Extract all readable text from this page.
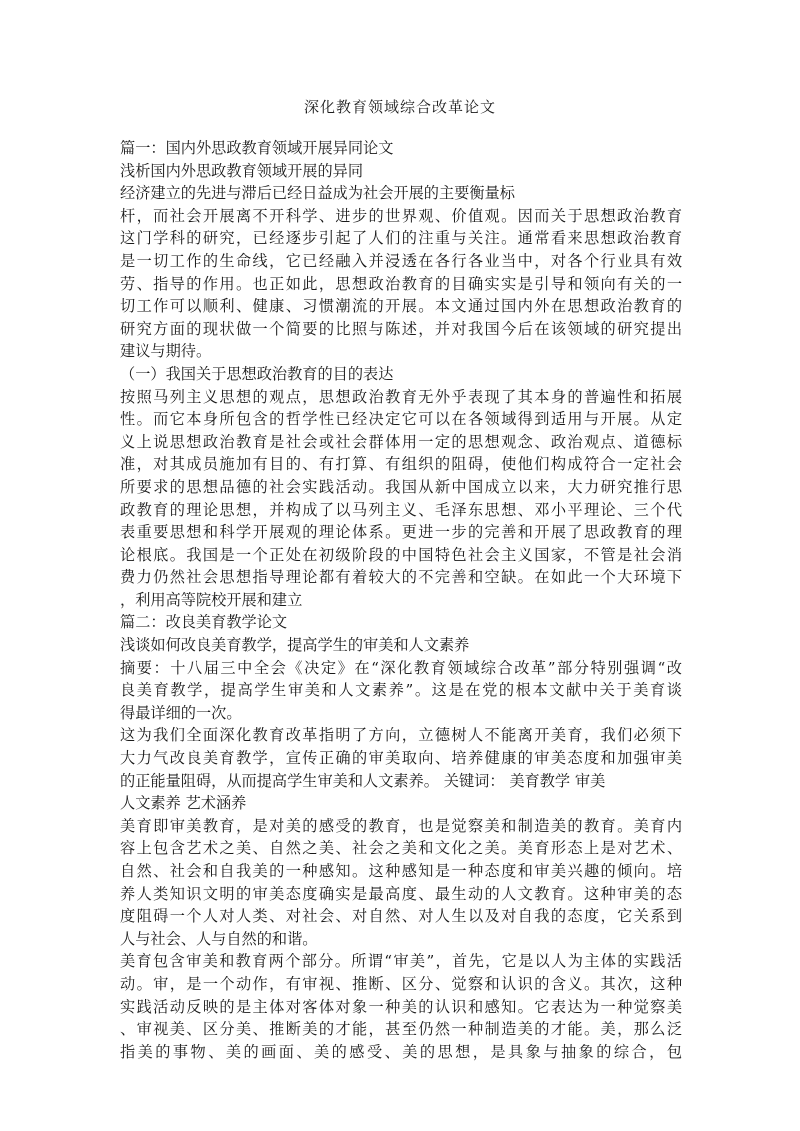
深化教育领域综合改革论文
篇一：国内外思政教育领域开展异同论文
浅析国内外思政教育领域开展的异同
经济建立的先进与滞后已经日益成为社会开展的主要衡量标
杆，而社会开展离不开科学、进步的世界观、价值观。因而关于思想政治教育
这门学科的研究，已经逐步引起了人们的注重与关注。通常看来思想政治教育
是一切工作的生命线，它已经融入并浸透在各行各业当中，对各个行业具有效
劳、指导的作用。也正如此，思想政治教育的目确实实是引导和领向有关的一
切工作可以顺利、健康、习惯潮流的开展。本文通过国内外在思想政治教育的
研究方面的现状做一个简要的比照与陈述，并对我国今后在该领域的研究提出
建议与期待。
（一）我国关于思想政治教育的目的表达
按照马列主义思想的观点，思想政治教育无外乎表现了其本身的普遍性和拓展
性。而它本身所包含的哲学性已经决定它可以在各领域得到适用与开展。从定
义上说思想政治教育是社会或社会群体用一定的思想观念、政治观点、道德标
准，对其成员施加有目的、有打算、有组织的阻碍，使他们构成符合一定社会
所要求的思想品德的社会实践活动。我国从新中国成立以来，大力研究推行思
政教育的理论思想，并构成了以马列主义、毛泽东思想、邓小平理论、三个代
表重要思想和科学开展观的理论体系。更进一步的完善和开展了思政教育的理
论根底。我国是一个正处在初级阶段的中国特色社会主义国家，不管是社会消
费力仍然社会思想指导理论都有着较大的不完善和空缺。在如此一个大环境下
，利用高等院校开展和建立
篇二：改良美育教学论文
浅谈如何改良美育教学，提高学生的审美和人文素养
摘要：十八届三中全会《决定》在“深化教育领域综合改革”部分特别强调“改
良美育教学，提高学生审美和人文素养”。这是在党的根本文献中关于美育谈
得最详细的一次。
这为我们全面深化教育改革指明了方向，立德树人不能离开美育，我们必须下
大力气改良美育教学，宣传正确的审美取向、培养健康的审美态度和加强审美
的正能量阻碍，从而提高学生审美和人文素养。 关键词： 美育教学 审美
人文素养 艺术涵养
美育即审美教育，是对美的感受的教育，也是觉察美和制造美的教育。美育内
容上包含艺术之美、自然之美、社会之美和文化之美。美育形态上是对艺术、
自然、社会和自我美的一种感知。这种感知是一种态度和审美兴趣的倾向。培
养人类知识文明的审美态度确实是最高度、最生动的人文教育。这种审美的态
度阻碍一个人对人类、对社会、对自然、对人生以及对自我的态度，它关系到
人与社会、人与自然的和谐。
美育包含审美和教育两个部分。所谓“审美”，首先，它是以人为主体的实践活
动。审，是一个动作，有审视、推断、区分、觉察和认识的含义。其次，这种
实践活动反映的是主体对客体对象一种美的认识和感知。它表达为一种觉察美
、审视美、区分美、推断美的才能，甚至仍然一种制造美的才能。美，那么泛
指美的事物、美的画面、美的感受、美的思想，是具象与抽象的综合，包
